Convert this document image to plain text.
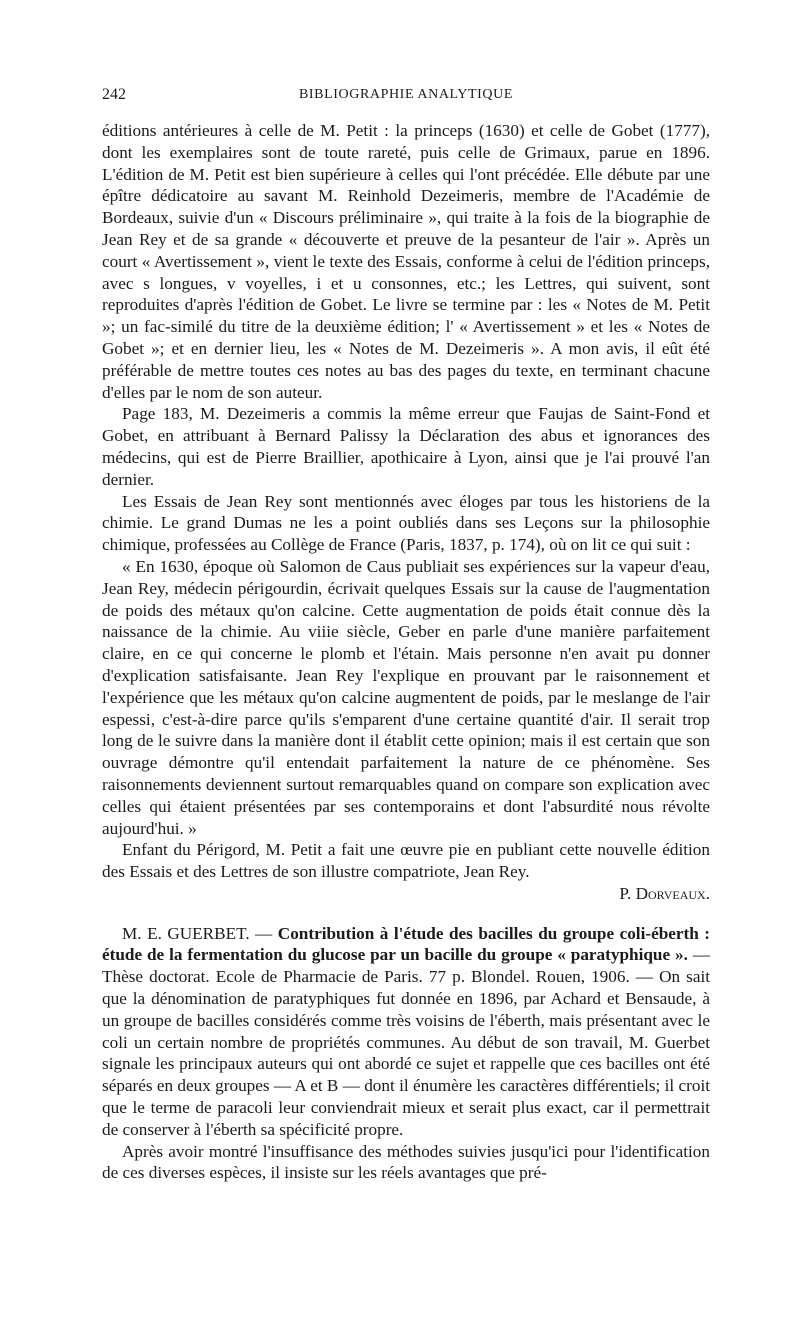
242	BIBLIOGRAPHIE ANALYTIQUE

éditions antérieures à celle de M. Petit : la princeps (1630) et celle de Gobet (1777), dont les exemplaires sont de toute rareté, puis celle de Grimaux, parue en 1896. L'édition de M. Petit est bien supérieure à celles qui l'ont précédée. Elle débute par une épître dédicatoire au savant M. Reinhold Dezeimeris, membre de l'Académie de Bordeaux, suivie d'un « Discours préliminaire », qui traite à la fois de la biographie de Jean Rey et de sa grande « découverte et preuve de la pesanteur de l'air ». Après un court « Avertissement », vient le texte des Essais, conforme à celui de l'édition princeps, avec s longues, v voyelles, i et u consonnes, etc.; les Lettres, qui suivent, sont reproduites d'après l'édition de Gobet. Le livre se termine par : les « Notes de M. Petit »; un fac-similé du titre de la deuxième édition; l' « Avertissement » et les « Notes de Gobet »; et en dernier lieu, les « Notes de M. Dezeimeris ». A mon avis, il eût été préférable de mettre toutes ces notes au bas des pages du texte, en terminant chacune d'elles par le nom de son auteur.

Page 183, M. Dezeimeris a commis la même erreur que Faujas de Saint-Fond et Gobet, en attribuant à Bernard Palissy la Déclaration des abus et ignorances des médecins, qui est de Pierre Braillier, apothicaire à Lyon, ainsi que je l'ai prouvé l'an dernier.

Les Essais de Jean Rey sont mentionnés avec éloges par tous les historiens de la chimie. Le grand Dumas ne les a point oubliés dans ses Leçons sur la philosophie chimique, professées au Collège de France (Paris, 1837, p. 174), où on lit ce qui suit :

« En 1630, époque où Salomon de Caus publiait ses expériences sur la vapeur d'eau, Jean Rey, médecin périgourdin, écrivait quelques Essais sur la cause de l'augmentation de poids des métaux qu'on calcine. Cette augmentation de poids était connue dès la naissance de la chimie. Au viiie siècle, Geber en parle d'une manière parfaitement claire, en ce qui concerne le plomb et l'étain. Mais personne n'en avait pu donner d'explication satisfaisante. Jean Rey l'explique en prouvant par le raisonnement et l'expérience que les métaux qu'on calcine augmentent de poids, par le meslange de l'air espessi, c'est-à-dire parce qu'ils s'emparent d'une certaine quantité d'air. Il serait trop long de le suivre dans la manière dont il établit cette opinion; mais il est certain que son ouvrage démontre qu'il entendait parfaitement la nature de ce phénomène. Ses raisonnements deviennent surtout remarquables quand on compare son explication avec celles qui étaient présentées par ses contemporains et dont l'absurdité nous révolte aujourd'hui. »

Enfant du Périgord, M. Petit a fait une œuvre pie en publiant cette nouvelle édition des Essais et des Lettres de son illustre compatriote, Jean Rey.

P. Dorveaux.

M. E. GUERBET. — Contribution à l'étude des bacilles du groupe coli-éberth : étude de la fermentation du glucose par un bacille du groupe « paratyphique ». — Thèse doctorat. Ecole de Pharmacie de Paris. 77 p. Blondel. Rouen, 1906. — On sait que la dénomination de paratyphiques fut donnée en 1896, par Achard et Bensaude, à un groupe de bacilles considérés comme très voisins de l'éberth, mais présentant avec le coli un certain nombre de propriétés communes. Au début de son travail, M. Guerbet signale les principaux auteurs qui ont abordé ce sujet et rappelle que ces bacilles ont été séparés en deux groupes — A et B — dont il énumère les caractères différentiels; il croit que le terme de paracoli leur conviendrait mieux et serait plus exact, car il permettrait de conserver à l'éberth sa spécificité propre.

Après avoir montré l'insuffisance des méthodes suivies jusqu'ici pour l'identification de ces diverses espèces, il insiste sur les réels avantages que pré-
